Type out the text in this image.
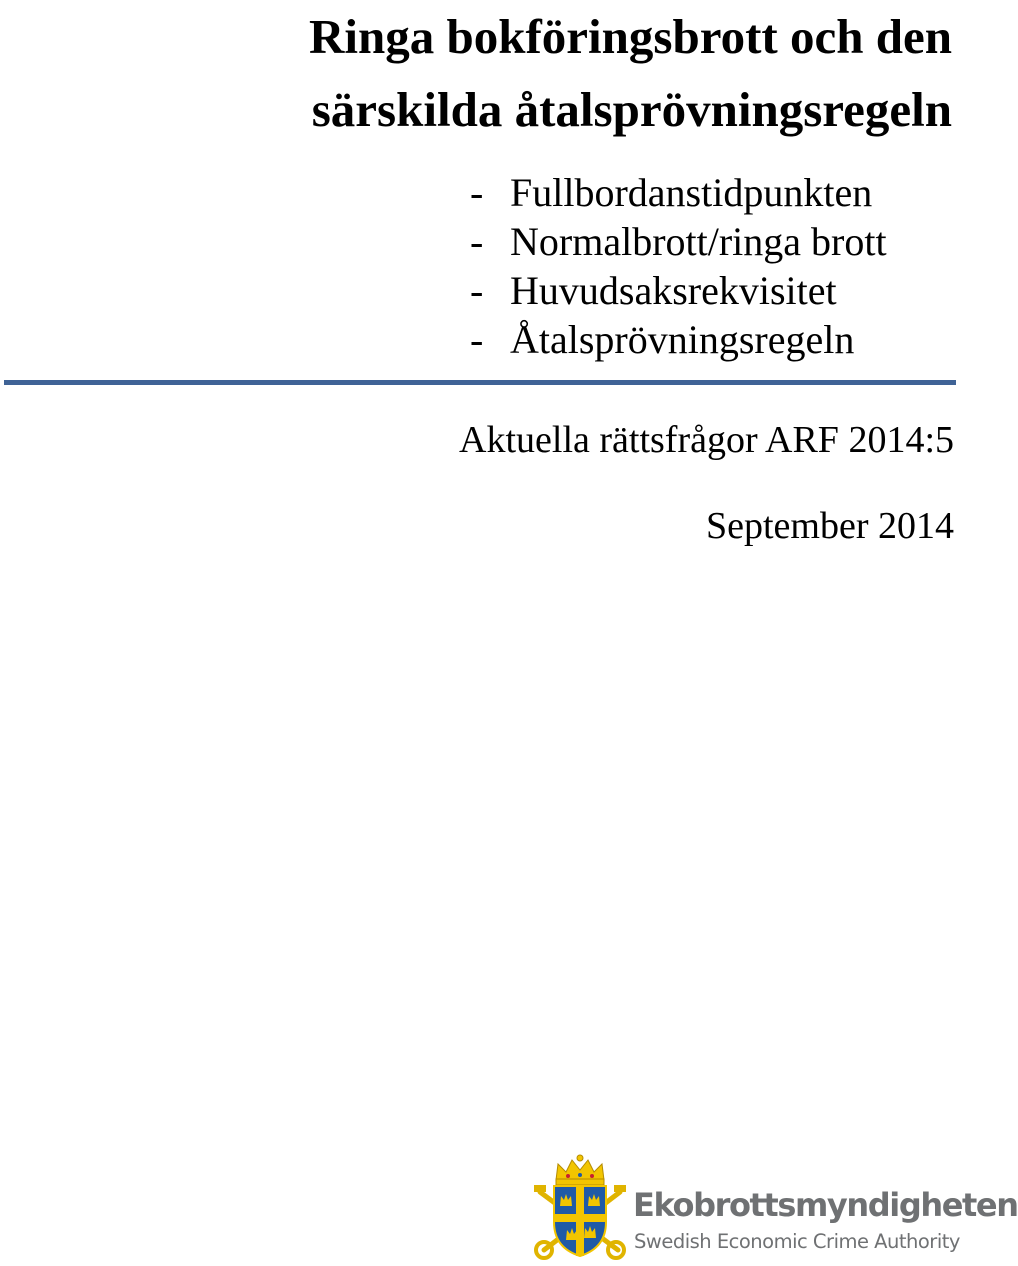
Ringa bokföringsbrott och den
särskilda åtalsprövningsregeln
- Fullbordanstidpunkten
- Normalbrott/ringa brott
- Huvudsaksrekvisitet
- Åtalsprövningsregeln
Aktuella rättsfrågor ARF 2014:5
September 2014
Ekobrottsmyndigheten
Swedish Economic Crime Authority
